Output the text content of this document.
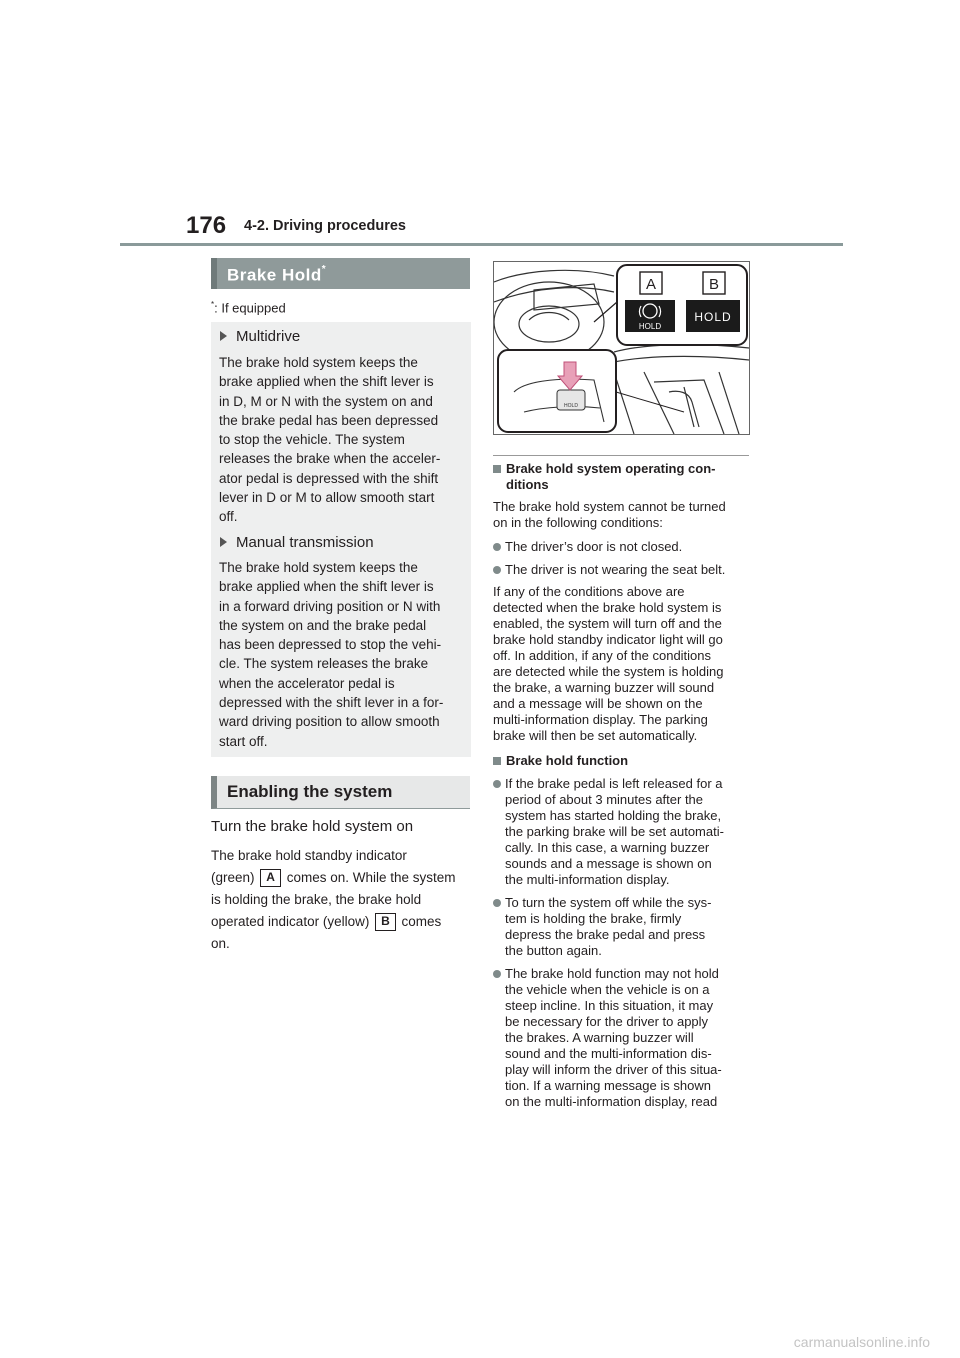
176 4-2. Driving procedures
Brake Hold*
*: If equipped
Multidrive
The brake hold system keeps the
brake applied when the shift lever is
in D, M or N with the system on and
the brake pedal has been depressed
to stop the vehicle. The system
releases the brake when the acceler-
ator pedal is depressed with the shift
lever in D or M to allow smooth start
off.
Manual transmission
The brake hold system keeps the
brake applied when the shift lever is
in a forward driving position or N with
the system on and the brake pedal
has been depressed to stop the vehi-
cle. The system releases the brake
when the accelerator pedal is
depressed with the shift lever in a for-
ward driving position to allow smooth
start off.
Enabling the system
Turn the brake hold system on
The brake hold standby indicator
(green) A comes on. While the system
is holding the brake, the brake hold
operated indicator (yellow) B comes
on.
A	B
HOLD
HOLD
HOLD
Brake hold system operating con-
ditions
The brake hold system cannot be turned
on in the following conditions:
The driver’s door is not closed.
The driver is not wearing the seat belt.
If any of the conditions above are
detected when the brake hold system is
enabled, the system will turn off and the
brake hold standby indicator light will go
off. In addition, if any of the conditions
are detected while the system is holding
the brake, a warning buzzer will sound
and a message will be shown on the
multi-information display. The parking
brake will then be set automatically.
Brake hold function
If the brake pedal is left released for a
period of about 3 minutes after the
system has started holding the brake,
the parking brake will be set automati-
cally. In this case, a warning buzzer
sounds and a message is shown on
the multi-information display.
To turn the system off while the sys-
tem is holding the brake, firmly
depress the brake pedal and press
the button again.
The brake hold function may not hold
the vehicle when the vehicle is on a
steep incline. In this situation, it may
be necessary for the driver to apply
the brakes. A warning buzzer will
sound and the multi-information dis-
play will inform the driver of this situa-
tion. If a warning message is shown
on the multi-information display, read
carmanualsonline.info
